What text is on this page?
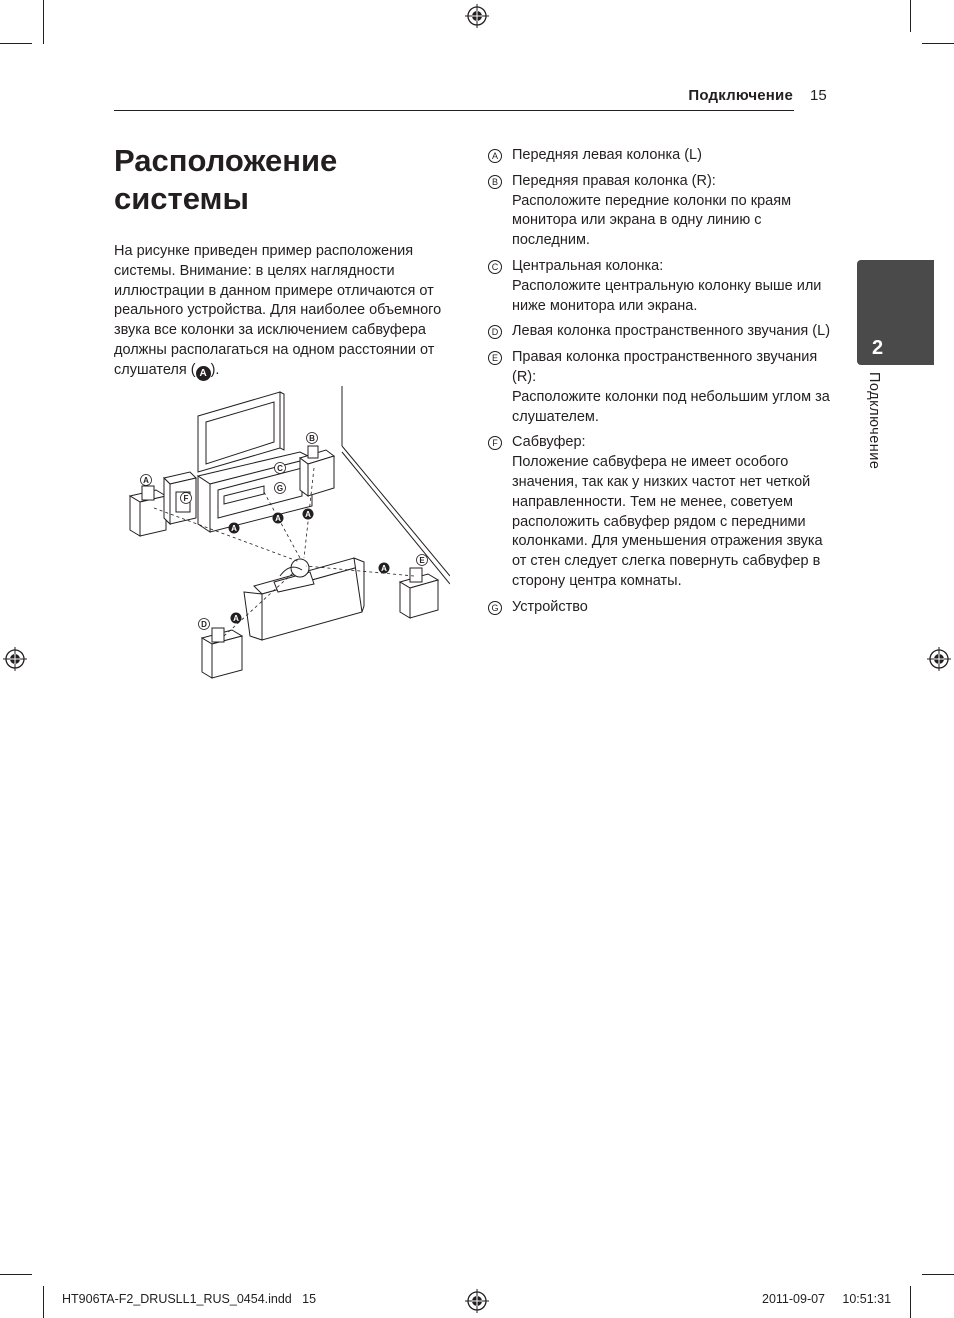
Подключение 15
Расположение системы

На рисунке приведен пример расположения системы. Внимание: в целях наглядности иллюстрации в данном примере отличаются от реального устройства. Для наиболее объемного звука все колонки за исключением сабвуфера должны располагаться на одном расстоянии от слушателя ( A ).

A
B
C
G
F
D
E
A
A	A
A
A
A Передняя левая колонка (L)
B Передняя правая колонка (R):
Расположите передние колонки по краям монитора или экрана в одну линию с последним.
C Центральная колонка:
Расположите центральную колонку выше или ниже монитора или экрана.
D Левая колонка пространственного звучания (L)
E Правая колонка пространственного звучания (R):
Расположите колонки под небольшим углом за слушателем.
F Сабвуфер:
Положение сабвуфера не имеет особого значения, так как у низких частот нет четкой направленности. Тем не менее, советуем расположить сабвуфер рядом с передними колонками. Для уменьшения отражения звука от стен следует слегка повернуть сабвуфер в сторону центра комнаты.
G Устройство
2
Подключение
HT906TA-F2_DRUSLL1_RUS_0454.indd   15	2011-09-07     10:51:31
